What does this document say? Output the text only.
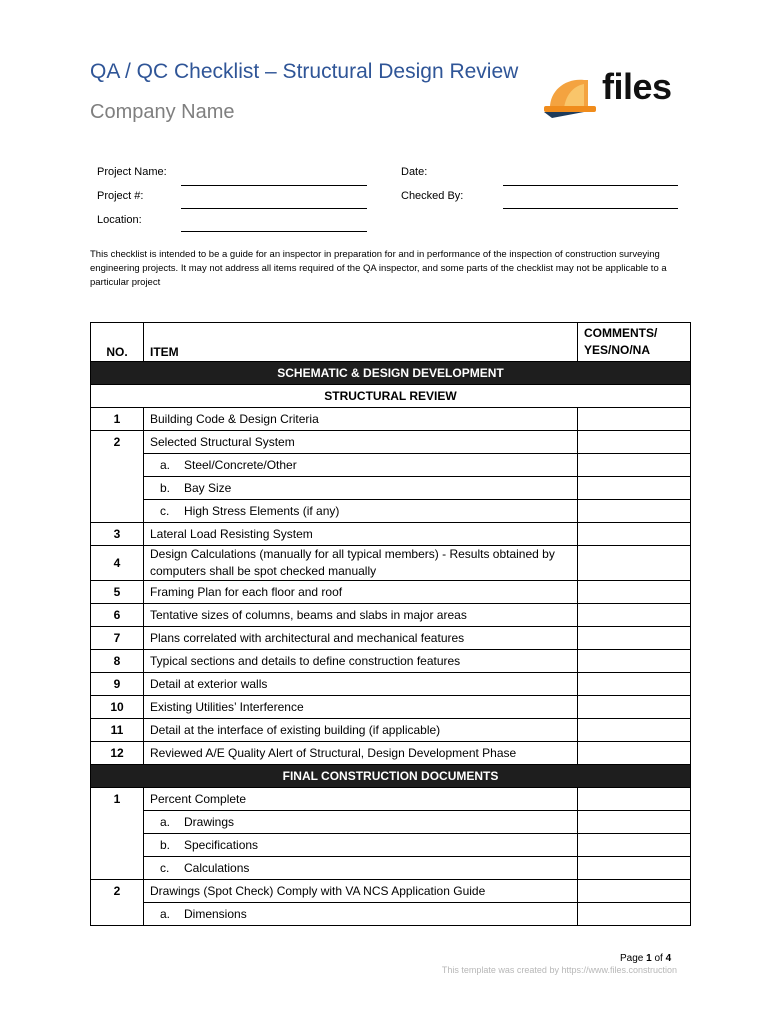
QA / QC Checklist – Structural Design Review
Company Name
files
Project Name:
Project #:
Location:
Date:
Checked By:
This checklist is intended to be a guide for an inspector in preparation for and in performance of the inspection of construction surveying engineering projects. It may not address all items required of the QA inspector, and some parts of the checklist may not be applicable to a particular project
NO.	ITEM	COMMENTS/
YES/NO/NA

SCHEMATIC & DESIGN DEVELOPMENT		
STRUCTURAL REVIEW		
1	Building Code & Design Criteria	
2	Selected Structural System	
	a. Steel/Concrete/Other	
	b. Bay Size	
	c. High Stress Elements (if any)	
3	Lateral Load Resisting System	
4	Design Calculations (manually for all typical members) - Results obtained by computers shall be spot checked manually	
5	Framing Plan for each floor and roof	
6	Tentative sizes of columns, beams and slabs in major areas	
7	Plans correlated with architectural and mechanical features	
8	Typical sections and details to define construction features	
9	Detail at exterior walls	
10	Existing Utilities’ Interference	
11	Detail at the interface of existing building (if applicable)	
12	Reviewed A/E Quality Alert of Structural, Design Development Phase	
FINAL CONSTRUCTION DOCUMENTS		
1	Percent Complete	
	a. Drawings	
	b. Specifications	
	c. Calculations	
2	Drawings (Spot Check) Comply with VA NCS Application Guide	
	a. Dimensions	
Page 1 of 4
This template was created by https://www.files.construction
